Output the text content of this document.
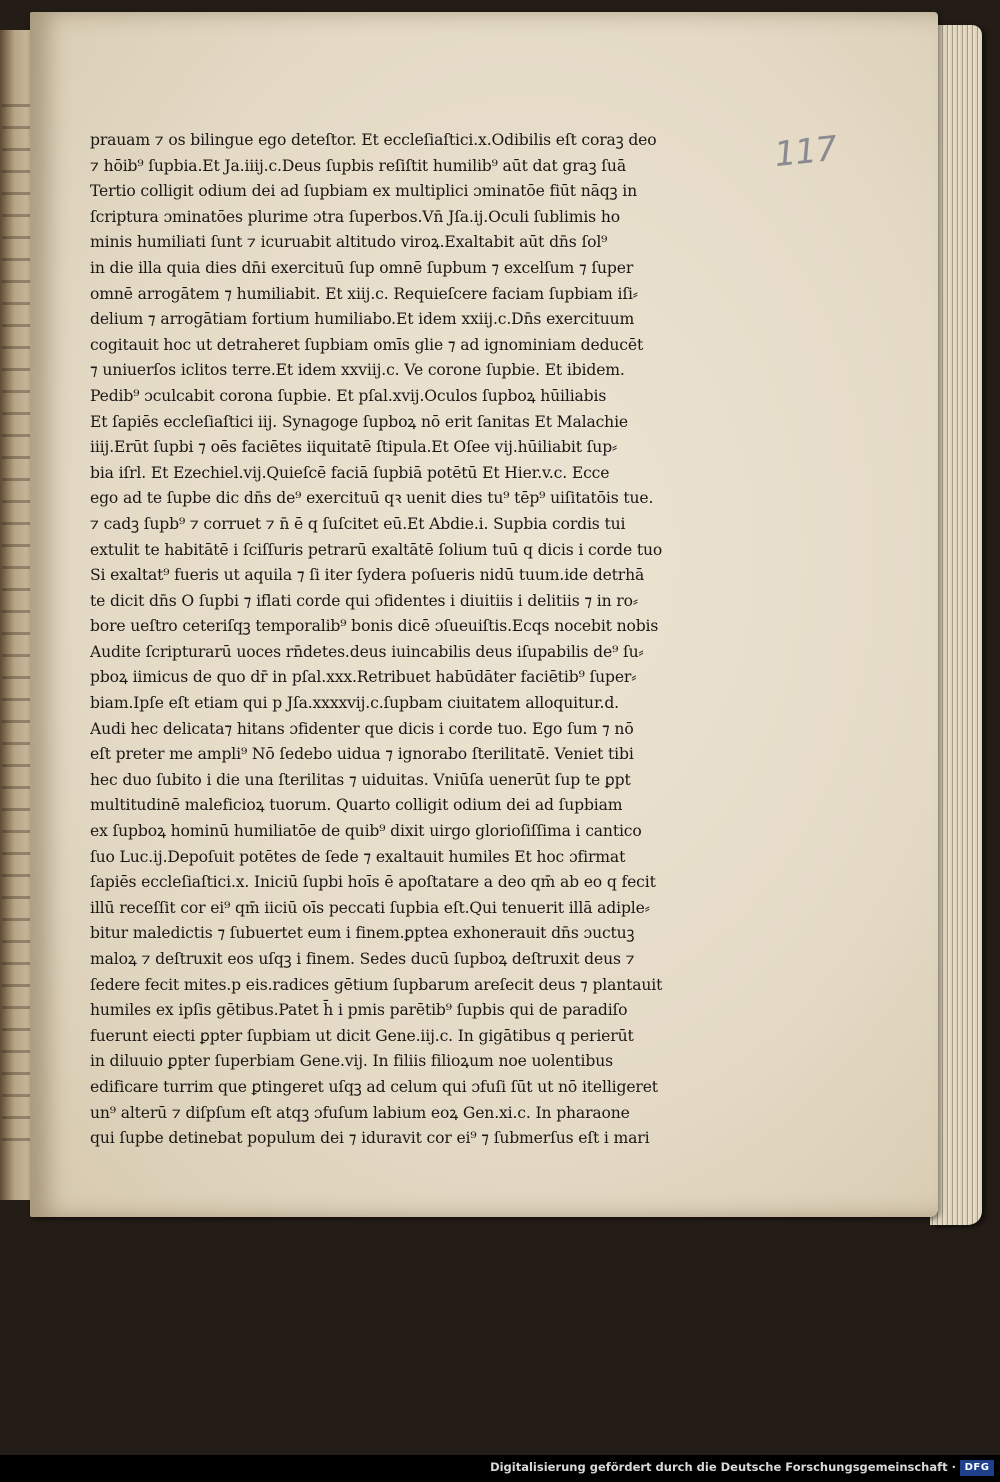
117
prauam ⁊ os bilingue ego deteſtor. Et eccleſiaſtici.x.Odibilis eſt coraꝫ deo
⁊ hōib⁹ ſupbia.Et Ja.iiij.c.Deus ſupbis reſiſtit humilib⁹ aūt dat graꝫ ſuā
Tertio colligit odium dei ad ſupbiam ex multiplici ɔminatōe fiūt nāqꝫ in
ſcriptura ɔminatōes plurime ɔtra ſuperbos.Vn̄ Jſa.ij.Oculi ſublimis ho
minis humiliati ſunt ⁊ icuruabit altitudo viroꝝ.Exaltabit aūt dn̄s ſol⁹
in die illa quia dies dn̄i exercituū ſup omnē ſupbum ⁊ excelſum ⁊ ſuper
omnē arrogātem ⁊ humiliabit. Et xiij.c. Requieſcere faciam ſupbiam iſi⸗
delium ⁊ arrogātiam fortium humiliabo.Et idem xxiij.c.Dn̄s exercituum
cogitauit hoc ut detraheret ſupbiam omīs glie ⁊ ad ignominiam deducēt
⁊ uniuerſos iclitos terre.Et idem xxviij.c. Ve corone ſupbie. Et ibidem.
Pedib⁹ ɔculcabit corona ſupbie. Et pſal.xvij.Oculos ſupboꝝ hūiliabis
Et ſapiēs eccleſiaſtici iij. Synagoge ſupboꝝ nō erit ſanitas Et Malachie
iiij.Erūt ſupbi ⁊ oēs faciētes iiquitatē ſtipula.Et Oſee vij.hūiliabit ſup⸗
bia iſrl. Et Ezechiel.vij.Quieſcē faciā ſupbiā potētū Et Hier.v.c. Ecce
ego ad te ſupbe dic dn̄s de⁹ exercituū qꝛ uenit dies tu⁹ tēp⁹ uiſitatōis tue.
⁊ cadꝫ ſupb⁹ ⁊ corruet ⁊ n̄ ē q ſuſcitet eū.Et Abdie.i. Supbia cordis tui
extulit te habitātē i ſciſſuris petrarū exaltātē ſolium tuū q dicis i corde tuo
Si exaltat⁹ fueris ut aquila ⁊ ſi iter ſydera poſueris nidū tuum.ide detrhā
te dicit dn̄s O ſupbi ⁊ iflati corde qui ɔfidentes i diuitiis i delitiis ⁊ in ro⸗
bore ueſtro ceteriſqꝫ temporalib⁹ bonis dicē ɔſueuiſtis.Ecqs nocebit nobis
Audite ſcripturarū uoces rn̄detes.deus iuincabilis deus iſupabilis de⁹ ſu⸗
pboꝝ iimicus de quo dr̄ in pſal.xxx.Retribuet habūdāter faciētib⁹ ſuper⸗
biam.Ipſe eſt etiam qui p Jſa.xxxxvij.c.ſupbam ciuitatem alloquitur.d.
Audi hec delicata⁊ hitans ɔfidenter que dicis i corde tuo. Ego ſum ⁊ nō
eſt preter me ampli⁹ Nō ſedebo uidua ⁊ ignorabo ſterilitatē. Veniet tibi
hec duo ſubito i die una ſterilitas ⁊ uiduitas. Vniūſa uenerūt ſup te ꝑpt
multitudinē maleficioꝝ tuorum. Quarto colligit odium dei ad ſupbiam
ex ſupboꝝ hominū humiliatōe de quib⁹ dixit uirgo glorioſiſſima i cantico
ſuo Luc.ij.Depoſuit potētes de ſede ⁊ exaltauit humiles Et hoc ɔfirmat
ſapiēs eccleſiaſtici.x. Iniciū ſupbi hoīs ē apoſtatare a deo qm̄ ab eo q fecit
illū receſſit cor ei⁹ qm̄ iiciū oīs peccati ſupbia eſt.Qui tenuerit illā adiple⸗
bitur maledictis ⁊ ſubuertet eum i finem.ꝑptea exhonerauit dn̄s ɔuctuꝫ
maloꝝ ⁊ deſtruxit eos uſqꝫ i finem. Sedes ducū ſupboꝝ deſtruxit deus ⁊
ſedere fecit mites.p eis.radices gētium ſupbarum areſecit deus ⁊ plantauit
humiles ex ipſis gētibus.Patet h̄ i pmis parētib⁹ ſupbis qui de paradiſo
fuerunt eiecti ꝑpter ſupbiam ut dicit Gene.iij.c. In gigātibus q perierūt
in diluuio ꝑpter ſuperbiam Gene.vij. In filiis filioꝝum noe uolentibus
edificare turrim que ꝑtingeret uſqꝫ ad celum qui ɔfuſi ſūt ut nō itelligeret
un⁹ alterū ⁊ diſpſum eſt atqꝫ ɔfuſum labium eoꝝ Gen.xi.c. In pharaone
qui ſupbe detinebat populum dei ⁊ iduravit cor ei⁹ ⁊ ſubmerſus eſt i mari
Digitalisierung gefördert durch die Deutsche Forschungsgemeinschaft · DFG
